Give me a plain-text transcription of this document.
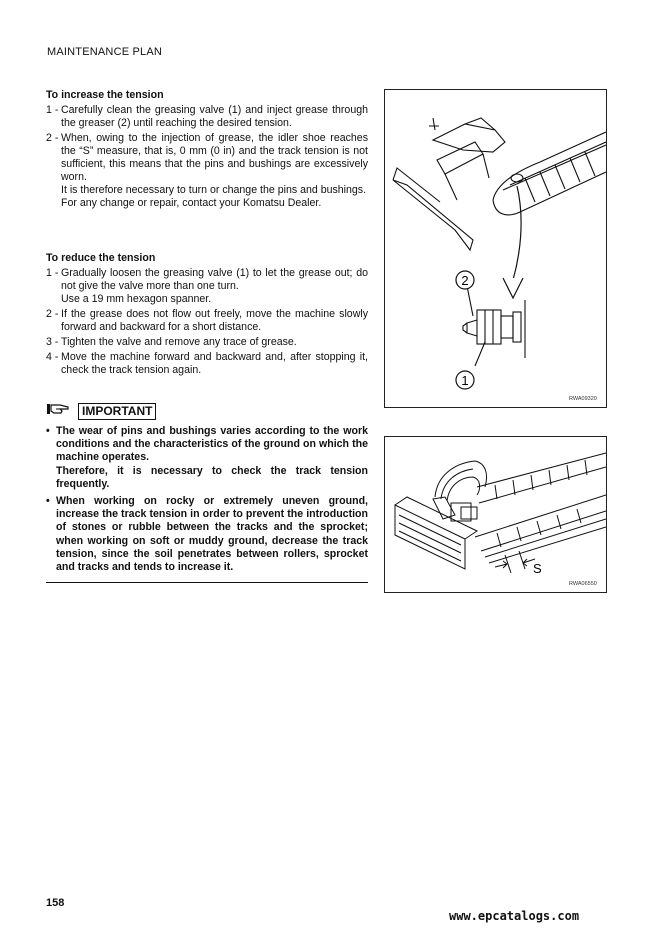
MAINTENANCE PLAN
To increase the tension
1 - Carefully clean the greasing valve (1) and inject grease through the greaser (2) until reaching the desired tension.

2 - When, owing to the injection of grease, the idler shoe reaches the “S” measure, that is, 0 mm (0 in) and the track tension is not sufficient, this means that the pins and bushings are excessively worn.

It is therefore necessary to turn or change the pins and bushings.

For any change or repair, contact your Komatsu Dealer.

To reduce the tension
1 - Gradually loosen the greasing valve (1) to let the grease out; do not give the valve more than one turn.

Use a 19 mm hexagon spanner.

2 - If the grease does not flow out freely, move the machine slowly forward and backward for a short distance.

3 - Tighten the valve and remove any trace of grease.

4 - Move the machine forward and backward and, after stopping it, check the track tension again.

IMPORTANT
• The wear of pins and bushings varies according to the work conditions and the characteristics of the ground on which the machine operates.

Therefore, it is necessary to check the track tension frequently.

• When working on rocky or extremely uneven ground, increase the track tension in order to prevent the introduction of stones or rubble between the tracks and the sprocket; when working on soft or muddy ground, decrease the track tension, since the soil penetrates between rollers, sprocket and tracks and tends to increase it.

2
1
RWA09320
S
RWA06550
158
www.epcatalogs.com
